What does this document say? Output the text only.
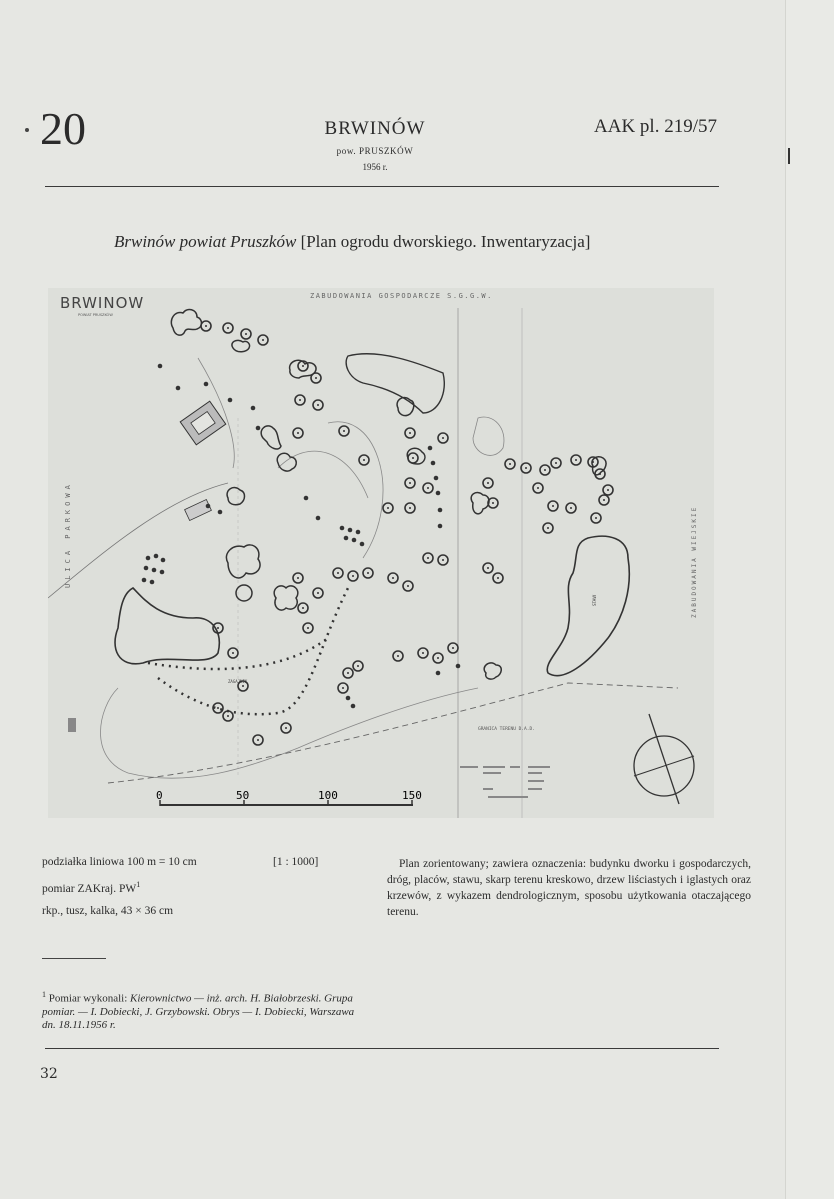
20	BRWINÓW
pow. PRUSZKÓW
1956 r.
AAK pl. 219/57
Brwinów powiat Pruszków [Plan ogrodu dworskiego. Inwentaryzacja]
BRWINOW
POWIAT PRUSZKÓW
ZABUDOWANIA GOSPODARCZE S.G.G.W.
ULICA PARKOWA	ZABUDOWANIA WIEJSKIE
STAW
ZAGAJNIK
GRANICA TERENU D.A.D.
0	50	100	150
podziałka liniowa 100 m = 10 cm	[1 : 1000]
pomiar ZAKraj. $PW^1$
rkp., tusz, kalka, 43 × 36 cm

Plan zorientowany; zawiera oznaczenia: budynku dworku i gospodarczych, dróg, placów, stawu, skarp terenu kreskowo, drzew liściastych i iglastych oraz krzewów, z wykazem dendrologicznym, sposobu użytkowania otaczającego terenu.

$^1$ Pomiar wykonali: Kierownictwo — inż. arch. H. Białobrzeski. Grupa pomiar. — I. Dobiecki, J. Grzybowski. Obrys — I. Dobiecki, Warszawa dn. 18.11.1956 r.
32
